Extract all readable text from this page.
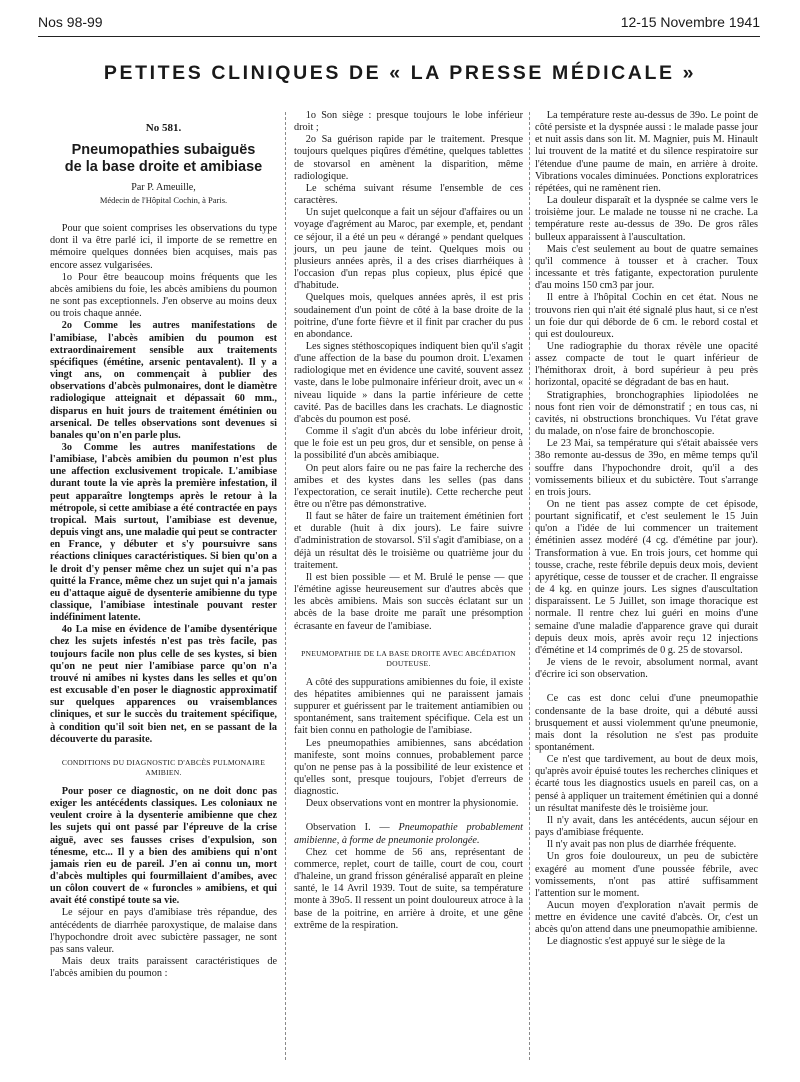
Nos 98-99	12-15 Novembre 1941
PETITES CLINIQUES DE « LA PRESSE MÉDICALE »
No 581.
Pneumopathies subaiguës
de la base droite et amibiase
Par P. Ameuille,
Médecin de l'Hôpital Cochin, à Paris.

Pour que soient comprises les observations du type dont il va être parlé ici, il importe de se remettre en mémoire quelques données bien acquises, mais pas encore assez vulgarisées.

1o Pour être beaucoup moins fréquents que les abcès amibiens du foie, les abcès amibiens du poumon ne sont pas exceptionnels. J'en observe au moins deux ou trois chaque année.

2o Comme les autres manifestations de l'amibiase, l'abcès amibien du poumon est extraordinairement sensible aux traitements spécifiques (émétine, arsenic pentavalent). Il y a vingt ans, on commençait à publier des observations d'abcès pulmonaires, dont le diamètre radiologique atteignait et dépassait 60 mm., disparus en huit jours de traitement émétinien ou arsenical. De telles observations sont devenues si banales qu'on n'en parle plus.

3o Comme les autres manifestations de l'amibiase, l'abcès amibien du poumon n'est plus une affection exclusivement tropicale. L'amibiase durant toute la vie après la première infestation, il peut apparaître longtemps après le retour à la métropole, si cette amibiase a été contractée en pays tropical. Mais surtout, l'amibiase est devenue, depuis vingt ans, une maladie qui peut se contracter en France, y débuter et s'y poursuivre sans réactions cliniques caractéristiques. Si bien qu'on a le droit d'y penser même chez un sujet qui n'a pas quitté la France, même chez un sujet qui n'a jamais eu d'attaque aiguë de dysenterie amibienne du type classique, l'amibiase intestinale pouvant rester indéfiniment latente.

4o La mise en évidence de l'amibe dysentérique chez les sujets infestés n'est pas très facile, pas toujours facile non plus celle de ses kystes, si bien qu'on ne peut nier l'amibiase parce qu'on n'a trouvé ni amibes ni kystes dans les selles et qu'on est excusable d'en poser le diagnostic approximatif sur quelques apparences ou vraisemblances cliniques, et sur le succès du traitement spécifique, à condition qu'il soit bien net, en se passant de la découverte du parasite.

CONDITIONS DU DIAGNOSTIC D'ABCÈS PULMONAIRE AMIBIEN.

Pour poser ce diagnostic, on ne doit donc pas exiger les antécédents classiques. Les coloniaux ne veulent croire à la dysenterie amibienne que chez les sujets qui ont passé par l'épreuve de la crise aiguë, avec ses fausses crises d'expulsion, son ténesme, etc... Il y a bien des amibiens qui n'ont jamais rien eu de pareil. J'en ai connu un, mort d'abcès multiples qui fourmillaient d'amibes, avec un côlon couvert de « furoncles » amibiens, et qui avait été constipé toute sa vie.

Le séjour en pays d'amibiase très répandue, des antécédents de diarrhée paroxystique, de malaise dans l'hypochondre droit avec subictère passager, ne sont pas sans valeur.

Mais deux traits paraissent caractéristiques de l'abcès amibien du poumon :

1o Son siège : presque toujours le lobe inférieur droit ;

2o Sa guérison rapide par le traitement. Presque toujours quelques piqûres d'émétine, quelques tablettes de stovarsol en amènent la disparition, même radiologique.

Le schéma suivant résume l'ensemble de ces caractères.

Un sujet quelconque a fait un séjour d'affaires ou un voyage d'agrément au Maroc, par exemple, et, pendant ce séjour, il a été un peu « dérangé » pendant quelques jours, un peu jaune de teint. Quelques mois ou plusieurs années après, il a des crises diarrhéiques à l'occasion d'un repas plus copieux, plus épicé que d'habitude.

Quelques mois, quelques années après, il est pris soudainement d'un point de côté à la base droite de la poitrine, d'une forte fièvre et il finit par cracher du pus en abondance.

Les signes stéthoscopiques indiquent bien qu'il s'agit d'une affection de la base du poumon droit. L'examen radiologique met en évidence une cavité, souvent assez vaste, dans le lobe pulmonaire inférieur droit, avec un « niveau liquide » dans la partie inférieure de cette cavité. Pas de bacilles dans les crachats. Le diagnostic d'abcès du poumon est posé.

Comme il s'agit d'un abcès du lobe inférieur droit, que le foie est un peu gros, dur et sensible, on pense à la possibilité d'un abcès amibiaque.

On peut alors faire ou ne pas faire la recherche des amibes et des kystes dans les selles (pas dans l'expectoration, ce serait inutile). Cette recherche peut être ou n'être pas démonstrative.

Il faut se hâter de faire un traitement émétinien fort et durable (huit à dix jours). Le faire suivre d'administration de stovarsol. S'il s'agit d'amibiase, on a déjà un résultat dès le troisième ou quatrième jour du traitement.

Il est bien possible — et M. Brulé le pense — que l'émétine agisse heureusement sur d'autres abcès que les abcès amibiens. Mais son succès éclatant sur un abcès de la base droite me paraît une présomption écrasante en faveur de l'amibiase.

PNEUMOPATHIE DE LA BASE DROITE AVEC ABCÉDATION DOUTEUSE.

A côté des suppurations amibiennes du foie, il existe des hépatites amibiennes qui ne paraissent jamais suppurer et guérissent par le traitement antiamibien ou spontanément, sans traitement spécifique. Cela est un fait bien connu en pathologie de l'amibiase.

Les pneumopathies amibiennes, sans abcédation manifeste, sont moins connues, probablement parce qu'on ne pense pas à la possibilité de leur existence et qu'elles sont, presque toujours, l'objet d'erreurs de diagnostic.

Deux observations vont en montrer la physionomie.

Observation I. — Pneumopathie probablement amibienne, à forme de pneumonie prolongée.

Chez cet homme de 56 ans, représentant de commerce, replet, court de taille, court de cou, court d'haleine, un grand frisson généralisé apparaît en pleine santé, le 14 Avril 1939. Tout de suite, sa température monte à 39o5. Il ressent un point douloureux atroce à la base de la poitrine, en arrière à droite, et une gêne extrême de la respiration.

La température reste au-dessus de 39o. Le point de côté persiste et la dyspnée aussi : le malade passe jour et nuit assis dans son lit. M. Magnier, puis M. Hinault lui trouvent de la matité et du silence respiratoire sur l'étendue d'une paume de main, en arrière à droite. Vibrations vocales diminuées. Ponctions exploratrices répétées, qui ne ramènent rien.

La douleur disparaît et la dyspnée se calme vers le troisième jour. Le malade ne tousse ni ne crache. La température reste au-dessus de 39o. De gros râles bulleux apparaissent à l'auscultation.

Mais c'est seulement au bout de quatre semaines qu'il commence à tousser et à cracher. Toux incessante et très fatigante, expectoration purulente d'au moins 150 cm3 par jour.

Il entre à l'hôpital Cochin en cet état. Nous ne trouvons rien qui n'ait été signalé plus haut, si ce n'est un foie dur qui déborde de 6 cm. le rebord costal et qui est douloureux.

Une radiographie du thorax révèle une opacité assez compacte de tout le quart inférieur de l'hémithorax droit, à bord supérieur à peu près horizontal, opacité se dégradant de bas en haut.

Stratigraphies, bronchographies lipiodolées ne nous font rien voir de démonstratif ; en tous cas, ni cavités, ni obstructions bronchiques. Vu l'état grave du malade, on n'ose faire de bronchoscopie.

Le 23 Mai, sa température qui s'était abaissée vers 38o remonte au-dessus de 39o, en même temps qu'il souffre dans l'hypochondre droit, qu'il a des vomissements bilieux et du subictère. Tout s'arrange en trois jours.

On ne tient pas assez compte de cet épisode, pourtant significatif, et c'est seulement le 15 Juin qu'on a l'idée de lui commencer un traitement émétinien assez modéré (4 cg. d'émétine par jour). Transformation à vue. En trois jours, cet homme qui tousse, crache, reste fébrile depuis deux mois, devient apyrétique, cesse de tousser et de cracher. Il engraisse de 4 kg. en quinze jours. Les signes d'auscultation disparaissent. Le 5 Juillet, son image thoracique est normale. Il rentre chez lui guéri en moins d'une semaine d'une maladie d'apparence grave qui durait depuis deux mois, après avoir reçu 12 injections d'émétine et 14 comprimés de 0 g. 25 de stovarsol.

Je viens de le revoir, absolument normal, avant d'écrire ici son observation.

Ce cas est donc celui d'une pneumopathie condensante de la base droite, qui a débuté aussi brusquement et aussi violemment qu'une pneumonie, mais dont la résolution ne s'est pas produite spontanément.

Ce n'est que tardivement, au bout de deux mois, qu'après avoir épuisé toutes les recherches cliniques et écarté tous les diagnostics usuels en pareil cas, on a pensé à appliquer un traitement émétinien qui a donné un résultat manifeste dès le troisième jour.

Il n'y avait, dans les antécédents, aucun séjour en pays d'amibiase fréquente.

Il n'y avait pas non plus de diarrhée fréquente.

Un gros foie douloureux, un peu de subictère exagéré au moment d'une poussée fébrile, avec vomissements, n'ont pas attiré suffisamment l'attention sur le moment.

Aucun moyen d'exploration n'avait permis de mettre en évidence une cavité d'abcès. Or, c'est un abcès qu'on attend dans une pneumopathie amibienne.

Le diagnostic s'est appuyé sur le siège de la
